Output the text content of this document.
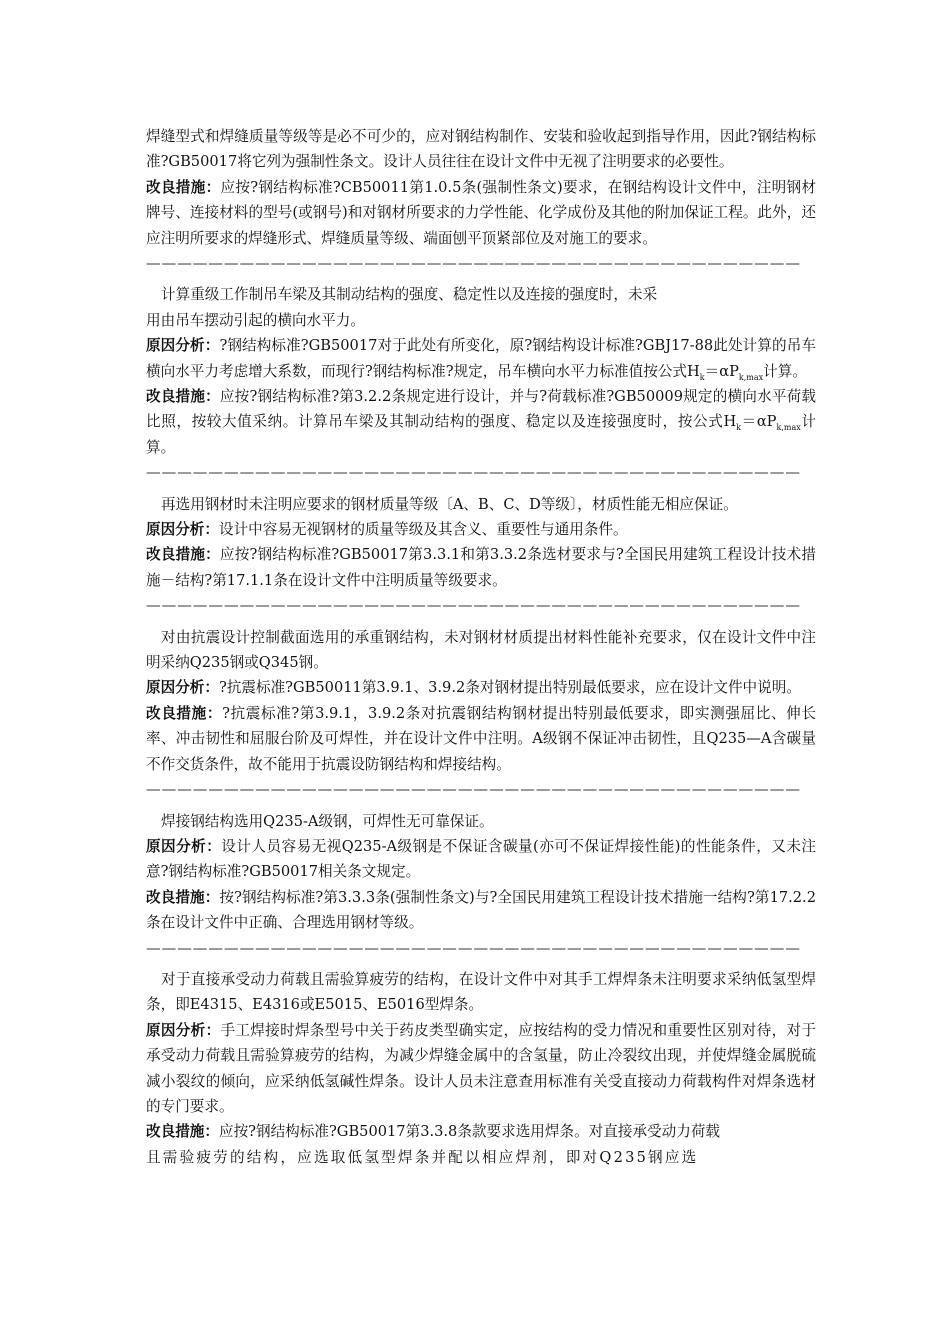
焊缝型式和焊缝质量等级等是必不可少的，应对钢结构制作、安装和验收起到指导作用，因此?钢结构标准?GB50017将它列为强制性条文。设计人员往往在设计文件中无视了注明要求的必要性。

改良措施：应按?钢结构标准?CB50011第1.0.5条(强制性条文)要求，在钢结构设计文件中，注明钢材牌号、连接材料的型号(或钢号)和对钢材所要求的力学性能、化学成份及其他的附加保证工程。此外，还应注明所要求的焊缝形式、焊缝质量等级、端面刨平顶紧部位及对施工的要求。

——————————————————————————————————————————

计算重级工作制吊车梁及其制动结构的强度、稳定性以及连接的强度时，未采

用由吊车摆动引起的横向水平力。

原因分析：?钢结构标准?GB50017对于此处有所变化，原?钢结构设计标准?GBJ17-88此处计算的吊车横向水平力考虑增大系数，而现行?钢结构标准?规定，吊车横向水平力标准值按公式$H_k=\alpha P_{k,max}$计算。

改良措施：应按?钢结构标准?第3.2.2条规定进行设计，并与?荷载标准?GB50009规定的横向水平荷载比照，按较大值采纳。计算吊车梁及其制动结构的强度、稳定以及连接强度时，按公式$H_k=\alpha P_{k,max}$计算。

——————————————————————————————————————————

再选用钢材时未注明应要求的钢材质量等级〔A、B、C、D等级〕，材质性能无相应保证。

原因分析：设计中容易无视钢材的质量等级及其含义、重要性与通用条件。

改良措施：应按?钢结构标准?GB50017第3.3.1和第3.3.2条选材要求与?全国民用建筑工程设计技术措施－结构?第17.1.1条在设计文件中注明质量等级要求。

——————————————————————————————————————————

对由抗震设计控制截面选用的承重钢结构，未对钢材材质提出材料性能补充要求，仅在设计文件中注明采纳Q235钢或Q345钢。

原因分析：?抗震标准?GB50011第3.9.1、3.9.2条对钢材提出特别最低要求，应在设计文件中说明。

改良措施：?抗震标准?第3.9.1，3.9.2条对抗震钢结构钢材提出特别最低要求，即实测强屈比、伸长率、冲击韧性和屈服台阶及可焊性，并在设计文件中注明。A级钢不保证冲击韧性，且Q235—A含碳量不作交货条件，故不能用于抗震设防钢结构和焊接结构。

——————————————————————————————————————————

焊接钢结构选用Q235-A级钢，可焊性无可靠保证。

原因分析：设计人员容易无视Q235-A级钢是不保证含碳量(亦可不保证焊接性能)的性能条件，又未注意?钢结构标准?GB50017相关条文规定。

改良措施：按?钢结构标准?第3.3.3条(强制性条文)与?全国民用建筑工程设计技术措施一结构?第17.2.2条在设计文件中正确、合理选用钢材等级。

——————————————————————————————————————————

对于直接承受动力荷载且需验算疲劳的结构，在设计文件中对其手工焊焊条未注明要求采纳低氢型焊条，即E4315、E4316或E5015、E5016型焊条。

原因分析：手工焊接时焊条型号中关于药皮类型确实定，应按结构的受力情况和重要性区别对待，对于承受动力荷载且需验算疲劳的结构，为减少焊缝金属中的含氢量，防止冷裂纹出现，并使焊缝金属脱硫减小裂纹的倾向，应采纳低氢碱性焊条。设计人员未注意查用标准有关受直接动力荷载构件对焊条选材的专门要求。

改良措施：应按?钢结构标准?GB50017第3.3.8条款要求选用焊条。对直接承受动力荷载

且需验疲劳的结构，应选取低氢型焊条并配以相应焊剂，即对Q235钢应选
